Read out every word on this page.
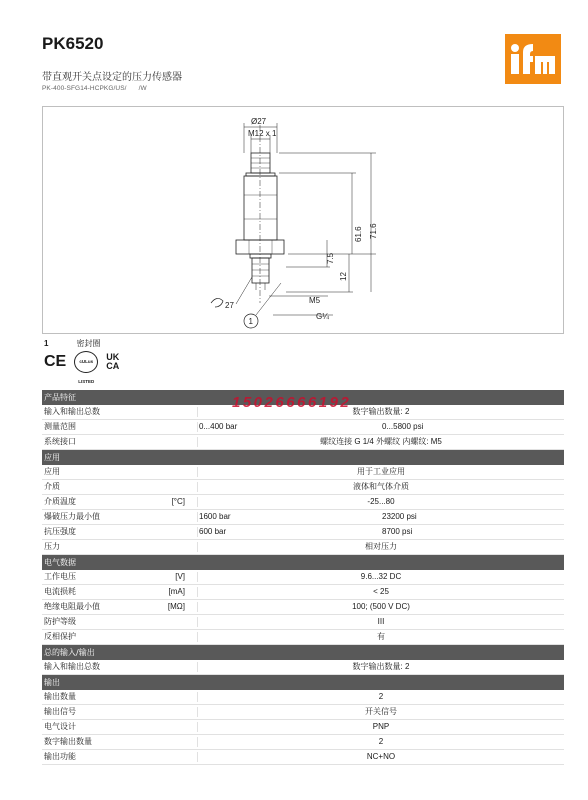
PK6520
带直观开关点设定的压力传感器
PK-400-SFG14-HCPKG/US/ /W
Ø27
M12 x 1
71.6
61.6
7.5
12
M5
G¼
27
1
1	密封圈
CE	cULus LISTED
UK CA
产品特征
输入和输出总数	数字输出数量: 2
测量范围	0...400 bar	0...5800 psi
系统接口	螺纹连接 G 1/4 外螺纹 内螺纹: M5
应用
应用	用于工业应用
介质	液体和气体介质
介质温度	[°C]	-25...80
爆破压力最小值	1600 bar	23200 psi
抗压强度	600 bar	8700 psi
压力	相对压力
电气数据
工作电压	[V]	9.6...32 DC
电流损耗	[mA]	< 25
绝缘电阻最小值	[MΩ]	100; (500 V DC)
防护等级	III
反相保护	有
总的输入/输出
输入和输出总数	数字输出数量: 2
输出
输出数量	2
输出信号	开关信号
电气设计	PNP
数字输出数量	2
输出功能	NC+NO
15026666192
